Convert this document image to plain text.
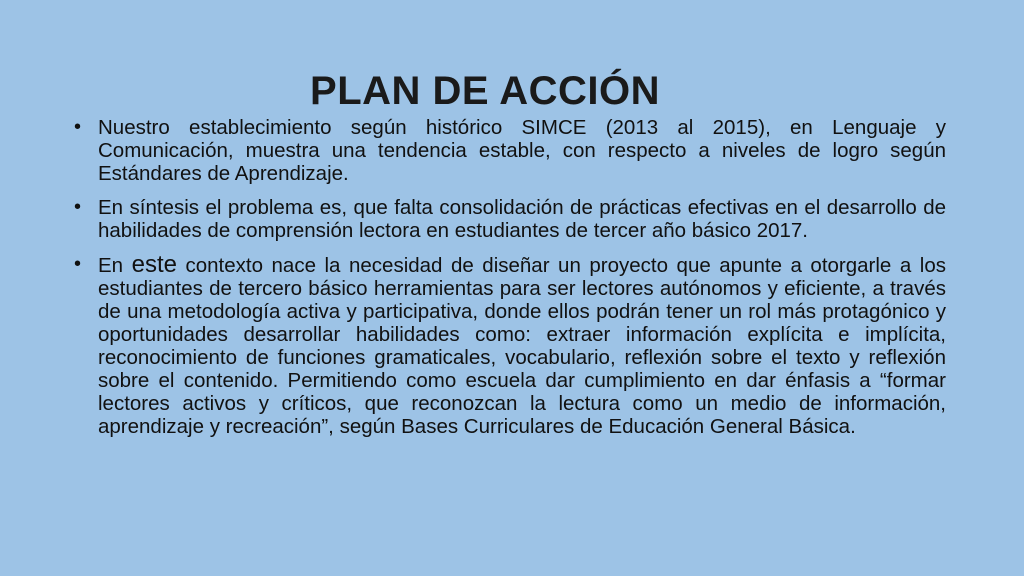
PLAN DE ACCIÓN
• Nuestro establecimiento según histórico SIMCE (2013 al 2015), en Lenguaje y Comunicación, muestra una tendencia estable, con respecto a niveles de logro según Estándares de Aprendizaje.
• En síntesis el problema es, que falta consolidación de prácticas efectivas en el desarrollo de habilidades de comprensión lectora en estudiantes de tercer año básico 2017.
• En este contexto nace la necesidad de diseñar un proyecto que apunte a otorgarle a los estudiantes de tercero básico herramientas para ser lectores autónomos y eficiente, a través de una metodología activa y participativa, donde ellos podrán tener un rol más protagónico y oportunidades desarrollar habilidades como: extraer información explícita e implícita, reconocimiento de funciones gramaticales, vocabulario, reflexión sobre el texto y reflexión sobre el contenido. Permitiendo como escuela dar cumplimiento en dar énfasis a “formar lectores activos y críticos, que reconozcan la lectura como un medio de información, aprendizaje y recreación”, según Bases Curriculares de Educación General Básica.
